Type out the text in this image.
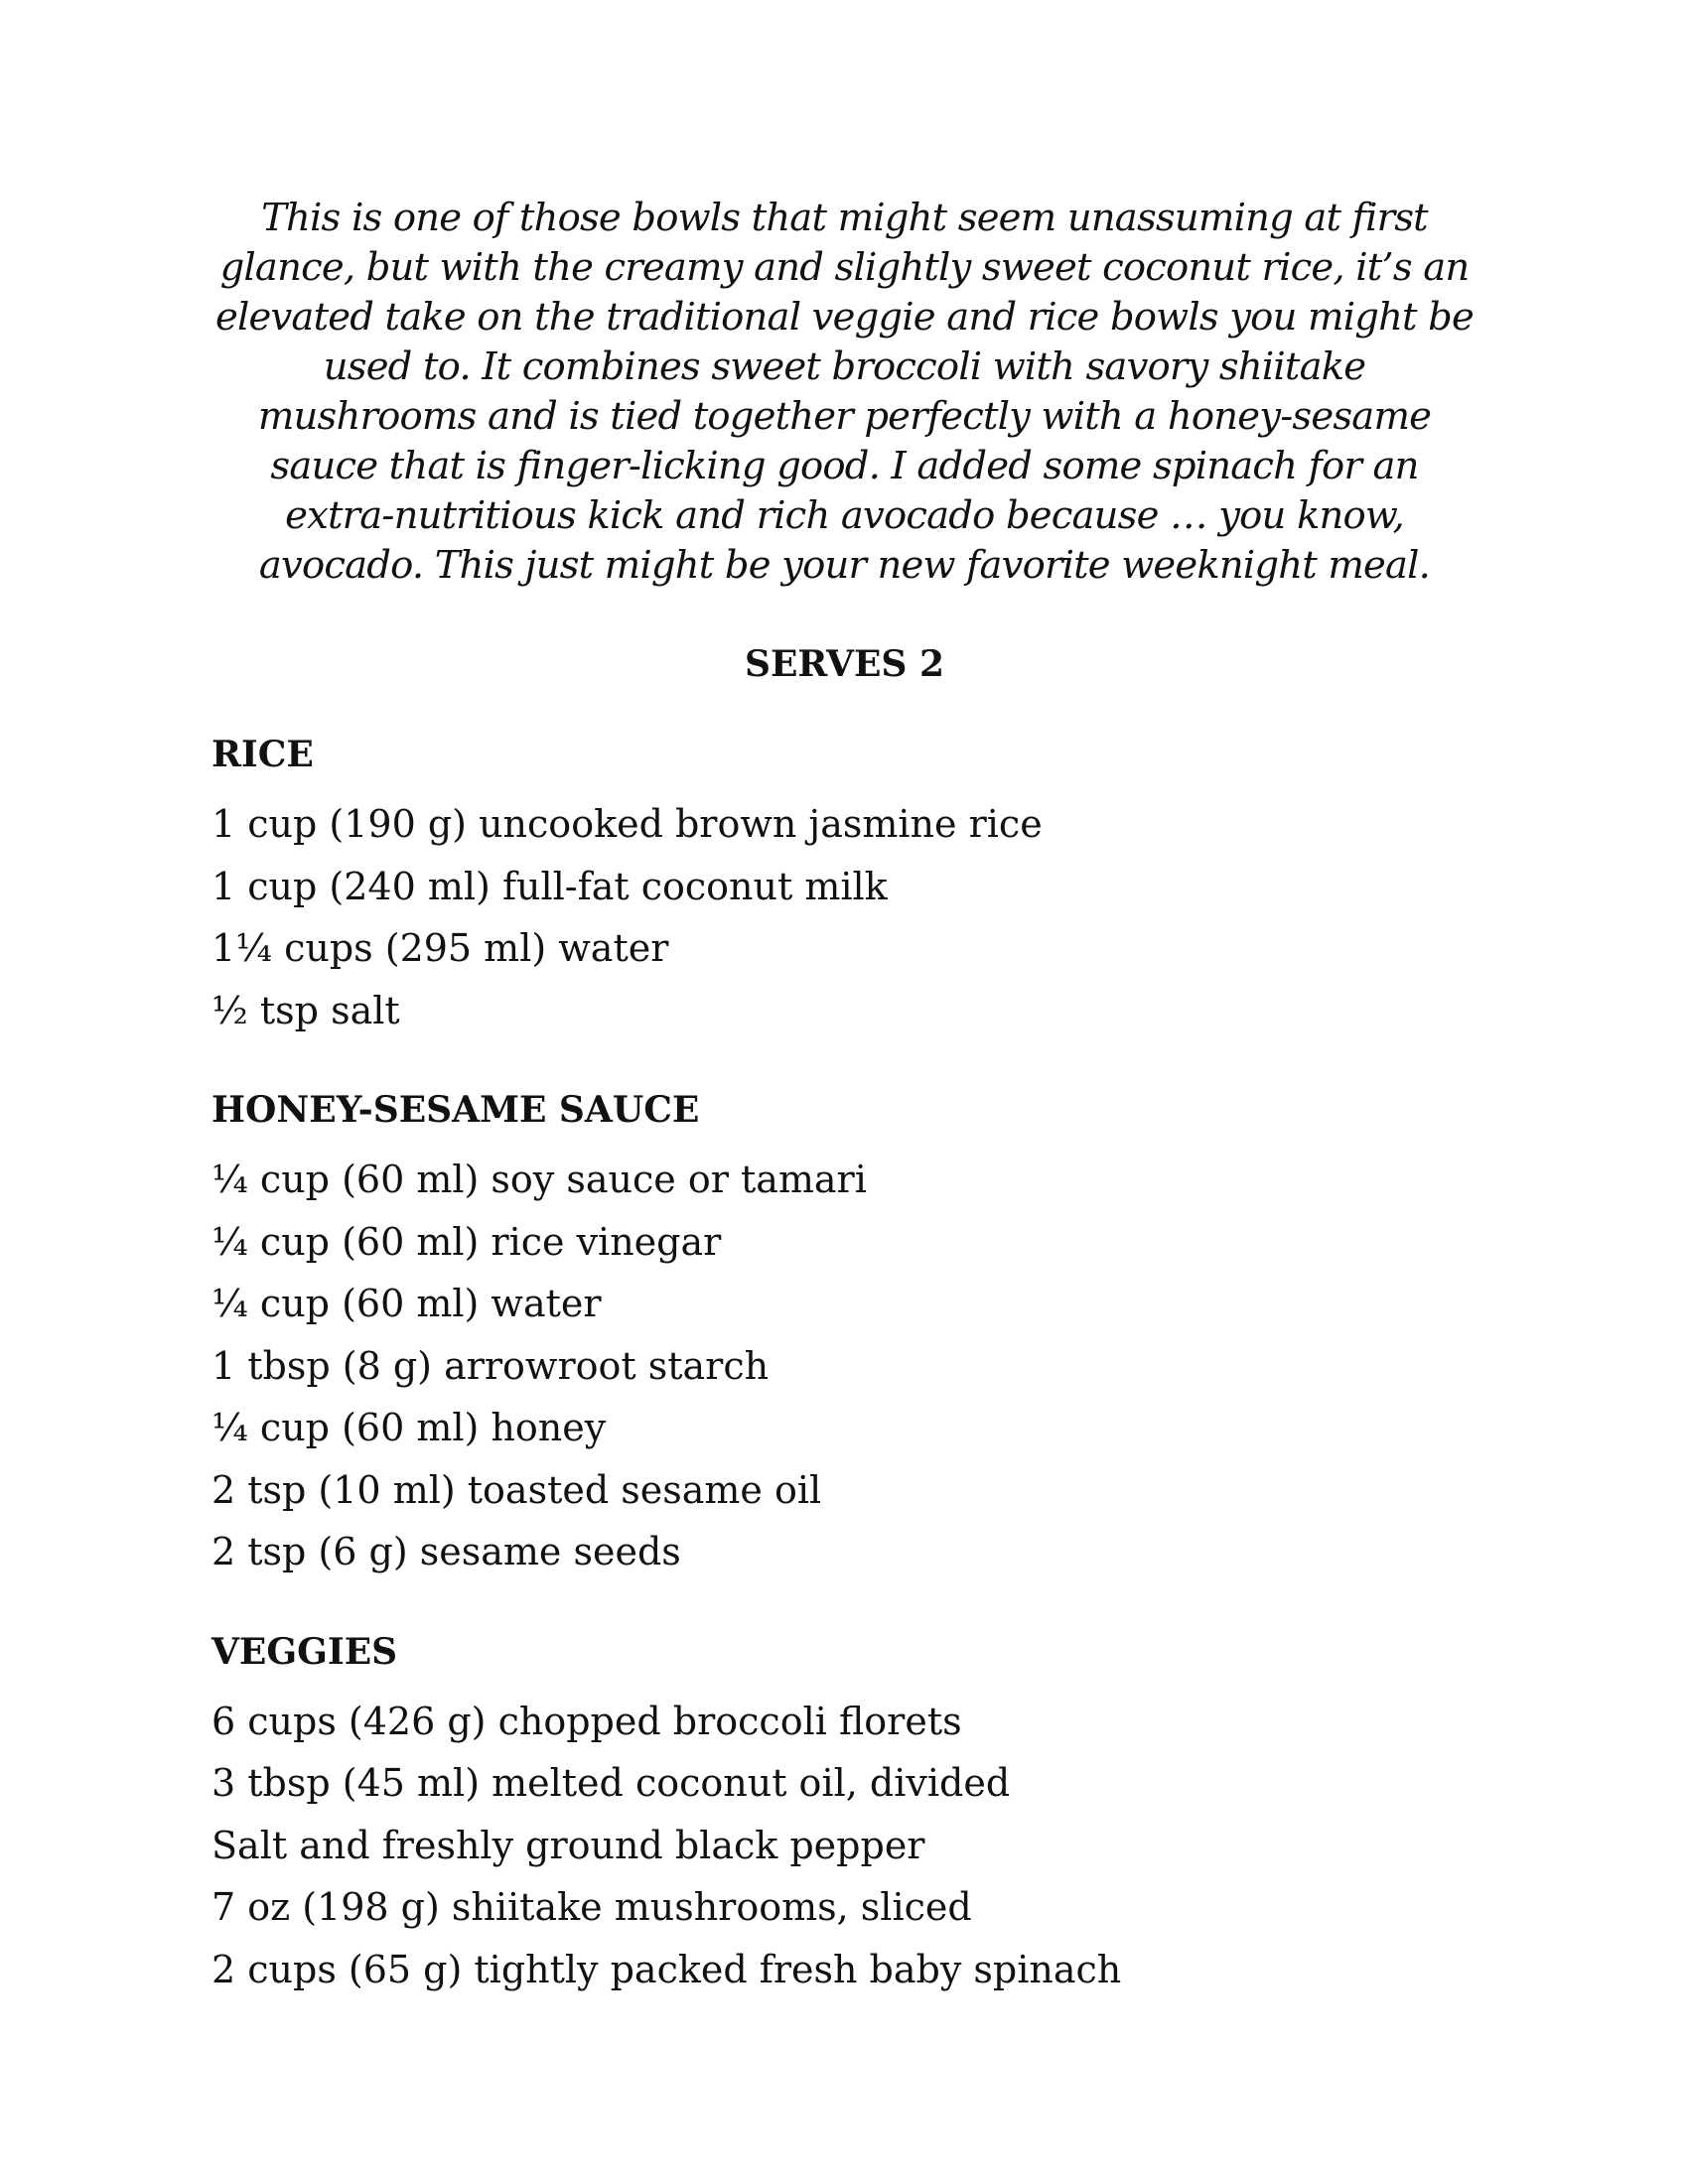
This is one of those bowls that might seem unassuming at first glance, but with the creamy and slightly sweet coconut rice, it’s an elevated take on the traditional veggie and rice bowls you might be used to. It combines sweet broccoli with savory shiitake mushrooms and is tied together perfectly with a honey-sesame sauce that is finger-licking good. I added some spinach for an extra-nutritious kick and rich avocado because … you know, avocado. This just might be your new favorite weeknight meal.

SERVES 2
RICE
1 cup (190 g) uncooked brown jasmine rice
1 cup (240 ml) full-fat coconut milk
1¼ cups (295 ml) water
½ tsp salt
HONEY-SESAME SAUCE
¼ cup (60 ml) soy sauce or tamari
¼ cup (60 ml) rice vinegar
¼ cup (60 ml) water
1 tbsp (8 g) arrowroot starch
¼ cup (60 ml) honey
2 tsp (10 ml) toasted sesame oil
2 tsp (6 g) sesame seeds
VEGGIES
6 cups (426 g) chopped broccoli florets
3 tbsp (45 ml) melted coconut oil, divided
Salt and freshly ground black pepper
7 oz (198 g) shiitake mushrooms, sliced
2 cups (65 g) tightly packed fresh baby spinach
